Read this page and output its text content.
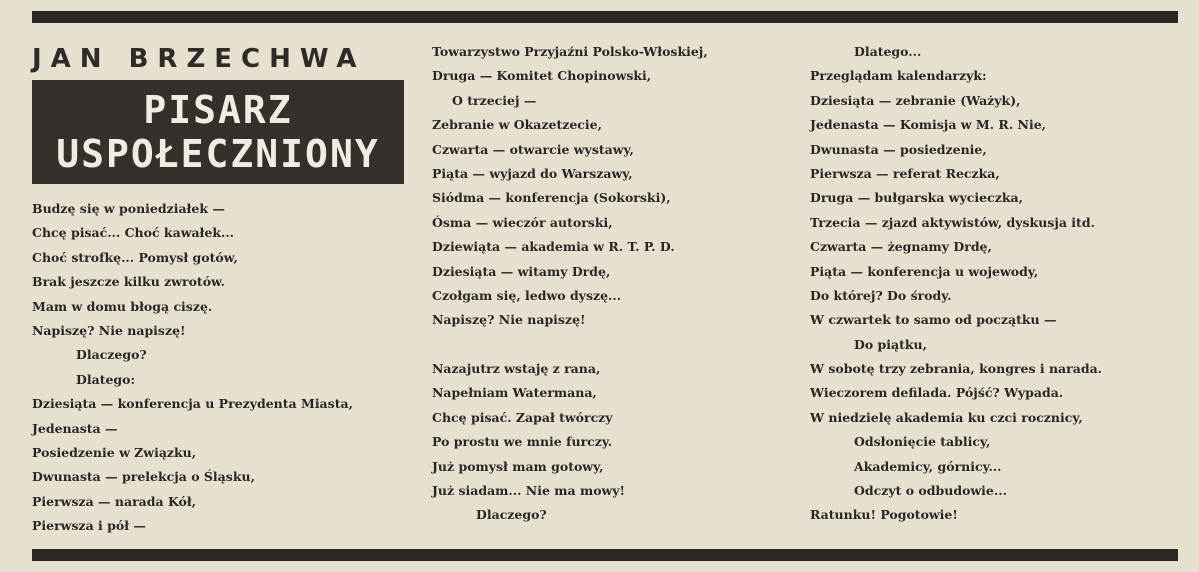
JAN BRZECHWA
PISARZ
USPOŁECZNIONY
Budzę się w poniedziałek —
Chcę pisać... Choć kawałek...
Choć strofkę... Pomysł gotów,
Brak jeszcze kilku zwrotów.
Mam w domu błogą ciszę.
Napiszę? Nie napiszę!
Dlaczego?
Dlatego:
Dziesiąta — konferencja u Prezydenta Miasta,
Jedenasta —
Posiedzenie w Związku,
Dwunasta — prelekcja o Śląsku,
Pierwsza — narada Kół,
Pierwsza i pół —
Towarzystwo Przyjaźni Polsko-Włoskiej,
Druga — Komitet Chopinowski,
O trzeciej —
Zebranie w Okazetzecie,
Czwarta — otwarcie wystawy,
Piąta — wyjazd do Warszawy,
Siódma — konferencja (Sokorski),
Ósma — wieczór autorski,
Dziewiąta — akademia w R. T. P. D.
Dziesiąta — witamy Drdę,
Czołgam się, ledwo dyszę...
Napiszę? Nie napiszę!
Nazajutrz wstaję z rana,
Napełniam Watermana,
Chcę pisać. Zapał twórczy
Po prostu we mnie furczy.
Już pomysł mam gotowy,
Już siadam... Nie ma mowy!
Dlaczego?
Dlatego...
Przeglądam kalendarzyk:
Dziesiąta — zebranie (Ważyk),
Jedenasta — Komisja w M. R. Nie,
Dwunasta — posiedzenie,
Pierwsza — referat Reczka,
Druga — bułgarska wycieczka,
Trzecia — zjazd aktywistów, dyskusja itd.
Czwarta — żegnamy Drdę,
Piąta — konferencja u wojewody,
Do której? Do środy.
W czwartek to samo od początku —
Do piątku,
W sobotę trzy zebrania, kongres i narada.
Wieczorem defilada. Pójść? Wypada.
W niedzielę akademia ku czci rocznicy,
Odsłonięcie tablicy,
Akademicy, górnicy...
Odczyt o odbudowie...
Ratunku! Pogotowie!
